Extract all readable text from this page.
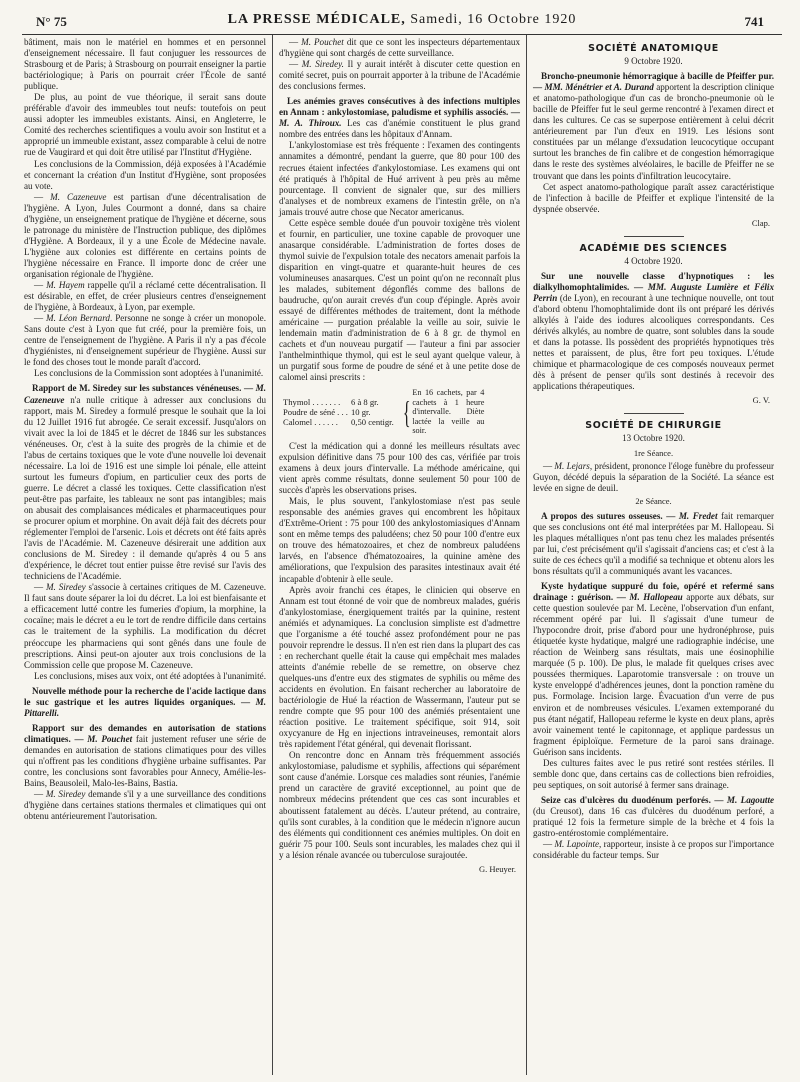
N° 75	LA PRESSE MÉDICALE, Samedi, 16 Octobre 1920	741

bâtiment, mais non le matériel en hommes et en personnel d'enseignement nécessaire. Il faut conjuguer les ressources de Strasbourg et de Paris; à Strasbourg on pourrait enseigner la partie bactériologique; à Paris on pourrait créer l'École de santé publique.

De plus, au point de vue théorique, il serait sans doute préférable d'avoir des immeubles tout neufs: toutefois on peut aussi adopter les immeubles existants. Ainsi, en Angleterre, le Comité des recherches scientifiques a voulu avoir son Institut et a approprié un immeuble existant, assez comparable à celui de notre rue de Vaugirard et qui doit être utilisé par l'Institut d'Hygiène.

Les conclusions de la Commission, déjà exposées à l'Académie et concernant la création d'un Institut d'Hygiène, sont proposées au vote.

— M. Cazeneuve est partisan d'une décentralisation de l'hygiène. A Lyon, Jules Courmont a donné, dans sa chaire d'hygiène, un enseignement pratique de l'hygiène et décerne, sous le patronage du ministère de l'Instruction publique, des diplômes d'Hygiène. A Bordeaux, il y a une École de Médecine navale. L'hygiène aux colonies est différente en certains points de l'hygiène nécessaire en France. Il importe donc de créer une organisation régionale de l'hygiène.

— M. Hayem rappelle qu'il a réclamé cette décentralisation. Il est désirable, en effet, de créer plusieurs centres d'enseignement de l'hygiène, à Bordeaux, à Lyon, par exemple.

— M. Léon Bernard. Personne ne songe à créer un monopole. Sans doute c'est à Lyon que fut créé, pour la première fois, un centre de l'enseignement de l'hygiène. A Paris il n'y a pas d'école d'hygiénistes, ni d'enseignement supérieur de l'hygiène. Aussi sur le fond des choses tout le monde paraît d'accord.

Les conclusions de la Commission sont adoptées à l'unanimité.

Rapport de M. Siredey sur les substances vénéneuses. — M. Cazeneuve n'a nulle critique à adresser aux conclusions du rapport, mais M. Siredey a formulé presque le souhait que la loi du 12 Juillet 1916 fut abrogée. Ce serait excessif. Jusqu'alors on vivait avec la loi de 1845 et le décret de 1846 sur les substances vénéneuses. Or, c'est à la suite des progrès de la chimie et de l'abus de certains toxiques que le vote d'une nouvelle loi devenait nécessaire. La loi de 1916 est une simple loi pénale, elle atteint surtout les fumeurs d'opium, en particulier ceux des ports de guerre. Le décret a classé les toxiques. Cette classification n'est peut-être pas parfaite, les tableaux ne sont pas intangibles; mais on abusait des complaisances médicales et pharmaceutiques pour se procurer opium et morphine. On avait déjà fait des décrets pour réglementer l'emploi de l'arsenic. Lois et décrets ont été faits après l'avis de l'Académie. M. Cazeneuve désirerait une addition aux conclusions de M. Siredey : il demande qu'après 4 ou 5 ans d'expérience, le décret tout entier puisse être revisé sur l'avis des techniciens de l'Académie.

— M. Siredey s'associe à certaines critiques de M. Cazeneuve. Il faut sans doute séparer la loi du décret. La loi est bienfaisante et a efficacement lutté contre les fumeries d'opium, la morphine, la cocaïne; mais le décret a eu le tort de rendre difficile dans certains cas le traitement de la syphilis. La modification du décret préoccupe les pharmaciens qui sont gênés dans une foule de prescriptions. Ainsi peut-on ajouter aux trois conclusions de la Commission celle que propose M. Cazeneuve.

Les conclusions, mises aux voix, ont été adoptées à l'unanimité.

Nouvelle méthode pour la recherche de l'acide lactique dans le suc gastrique et les autres liquides organiques. — M. Pittarelli.

Rapport sur des demandes en autorisation de stations climatiques. — M. Pouchet fait justement refuser une série de demandes en autorisation de stations climatiques pour des villes qui n'offrent pas les conditions d'hygiène urbaine suffisantes. Par contre, les conclusions sont favorables pour Annecy, Amélie-les-Bains, Beausoleil, Malo-les-Bains, Bastia.

— M. Siredey demande s'il y a une surveillance des conditions d'hygiène dans certaines stations thermales et climatiques qui ont obtenu antérieurement l'autorisation.

— M. Pouchet dit que ce sont les inspecteurs départementaux d'hygiène qui sont chargés de cette surveillance.

— M. Siredey. Il y aurait intérêt à discuter cette question en comité secret, puis on pourrait apporter à la tribune de l'Académie des conclusions fermes.

Les anémies graves consécutives à des infections multiples en Annam : ankylostomiase, paludisme et syphilis associés. — M. A. Thiroux. Les cas d'anémie constituent le plus grand nombre des entrées dans les hôpitaux d'Annam.

L'ankylostomiase est très fréquente : l'examen des contingents annamites a démontré, pendant la guerre, que 80 pour 100 des recrues étaient infectées d'ankylostomiase. Les examens qui ont été pratiqués à l'hôpital de Hué arrivent à peu près au même pourcentage. Il convient de signaler que, sur des milliers d'analyses et de nombreux examens de l'intestin grêle, on n'a jamais trouvé autre chose que Necator americanus.

Cette espèce semble douée d'un pouvoir toxigène très violent et fournir, en particulier, une toxine capable de provoquer une anasarque considérable. L'administration de fortes doses de thymol suivie de l'expulsion totale des necators amenait parfois la disparition en vingt-quatre et quarante-huit heures de ces volumineuses anasarques. C'est un point qu'on ne reconnaît plus les malades, subitement dégonflés comme des ballons de baudruche, qu'on aurait crevés d'un coup d'épingle. Après avoir essayé de différentes méthodes de traitement, dont la méthode américaine — purgation préalable la veille au soir, suivie le lendemain matin d'administration de 6 à 8 gr. de thymol en cachets et d'un nouveau purgatif — l'auteur a fini par associer l'anthelminthique thymol, qui est le seul ayant quelque valeur, à un purgatif sous forme de poudre de séné et à une petite dose de calomel ainsi prescrits :

Thymol . . . . . . .	6 à 8 gr.
Poudre de séné . . . 10 gr.
Calomel . . . . . .	0,50 centigr. {
En 16 cachets, par 4 cachets à 1 heure d'intervalle. Diète lactée la veille au soir.

C'est la médication qui a donné les meilleurs résultats avec expulsion définitive dans 75 pour 100 des cas, vérifiée par trois examens à deux jours d'intervalle. La méthode américaine, qui vient après comme résultats, donne seulement 50 pour 100 de succès d'après les observations prises.

Mais, le plus souvent, l'ankylostomiase n'est pas seule responsable des anémies graves qui encombrent les hôpitaux d'Extrême-Orient : 75 pour 100 des ankylostomiasiques d'Annam sont en même temps des paludéens; chez 50 pour 100 d'entre eux on trouve des hématozoaires, et chez de nombreux paludéens larvés, en l'absence d'hématozoaires, la quinine amène des améliorations, que l'expulsion des parasites intestinaux avait été incapable d'obtenir à elle seule.

Après avoir franchi ces étapes, le clinicien qui observe en Annam est tout étonné de voir que de nombreux malades, guéris d'ankylostomiase, énergiquement traités par la quinine, restent anémiés et adynamiques. La conclusion simpliste est d'admettre que l'organisme a été touché assez profondément pour ne pas pouvoir reprendre le dessus. Il n'en est rien dans la plupart des cas : en recherchant quelle était la cause qui empêchait mes malades atteints d'anémie rebelle de se remettre, on observe chez quelques-uns d'entre eux des stigmates de syphilis ou même des accidents en évolution. En faisant rechercher au laboratoire de bactériologie de Hué la réaction de Wassermann, l'auteur put se rendre compte que 95 pour 100 des anémiés présentaient une réaction positive. Le traitement spécifique, soit 914, soit oxycyanure de Hg en injections intraveineuses, remontait alors très rapidement l'état général, qui devenait florissant.

On rencontre donc en Annam très fréquemment associés ankylostomiase, paludisme et syphilis, affections qui séparément sont cause d'anémie. Lorsque ces maladies sont réunies, l'anémie prend un caractère de gravité exceptionnel, au point que de nombreux médecins prétendent que ces cas sont incurables et aboutissent fatalement au décès. L'auteur prétend, au contraire, qu'ils sont curables, à la condition que le médecin n'ignore aucun des éléments qui conditionnent ces anémies multiples. On doit en guérir 75 pour 100. Seuls sont incurables, les malades chez qui il y a lésion rénale avancée ou tuberculose surajoutée.

G. Heuyer.
SOCIÉTÉ ANATOMIQUE
9 Octobre 1920.

Broncho-pneumonie hémorragique à bacille de Pfeiffer pur. — MM. Ménétrier et A. Durand apportent la description clinique et anatomo-pathologique d'un cas de broncho-pneumonie où le bacille de Pfeiffer fut le seul germe rencontré à l'examen direct et dans les cultures. Ce cas se superpose entièrement à celui décrit antérieurement par l'un d'eux en 1919. Les lésions sont constituées par un mélange d'exsudation leucocytique occupant surtout les branches de fin calibre et de congestion hémorragique dans le reste des systèmes alvéolaires, le bacille de Pfeiffer ne se trouvant que dans les points d'infiltration leucocytaire.

Cet aspect anatomo-pathologique paraît assez caractéristique de l'infection à bacille de Pfeiffer et explique l'intensité de la dyspnée observée.

Clap.
ACADÉMIE DES SCIENCES
4 Octobre 1920.

Sur une nouvelle classe d'hypnotiques : les dialkylhomophtalimides. — MM. Auguste Lumière et Félix Perrin (de Lyon), en recourant à une technique nouvelle, ont tout d'abord obtenu l'homophtalimide dont ils ont préparé les dérivés alkylés à l'aide des iodures alcooliques correspondants. Ces dérivés alkylés, au nombre de quatre, sont solubles dans la soude et dans la potasse. Ils possèdent des propriétés hypnotiques très nettes et paraissent, de plus, être fort peu toxiques. L'étude chimique et pharmacologique de ces composés nouveaux permet dès à présent de penser qu'ils sont destinés à recevoir des applications thérapeutiques.

G. V.
SOCIÉTÉ DE CHIRURGIE
13 Octobre 1920.
1re Séance.

— M. Lejars, président, prononce l'éloge funèbre du professeur Guyon, décédé depuis la séparation de la Société. La séance est levée en signe de deuil.

2e Séance.

A propos des sutures osseuses. — M. Fredet fait remarquer que ses conclusions ont été mal interprétées par M. Hallopeau. Si les plaques métalliques n'ont pas tenu chez les malades présentés par lui, c'est précisément qu'il s'agissait d'anciens cas; et c'est à la suite de ces échecs qu'il a modifié sa technique et obtenu alors les bons résultats qu'il a communiqués avant les vacances.

Kyste hydatique suppuré du foie, opéré et refermé sans drainage : guérison. — M. Hallopeau apporte aux débats, sur cette question soulevée par M. Lecène, l'observation d'un enfant, récemment opéré par lui. Il s'agissait d'une tumeur de l'hypocondre droit, prise d'abord pour une hydronéphrose, puis étiquetée kyste hydatique, malgré une radiographie indécise, une réaction de Weinberg sans résultats, mais une éosinophilie marquée (5 p. 100). De plus, le malade fit quelques crises avec poussées thermiques. Laparotomie transversale : on trouve un kyste enveloppé d'adhérences jeunes, dont la ponction ramène du pus. Formolage. Incision large. Évacuation d'un verre de pus environ et de nombreuses vésicules. L'examen extemporané du pus étant négatif, Hallopeau referme le kyste en deux plans, après avoir vainement tenté le capitonnage, et applique pardessus un fragment épiploïque. Fermeture de la paroi sans drainage. Guérison sans incidents.

Des cultures faites avec le pus retiré sont restées stériles. Il semble donc que, dans certains cas de collections bien refroidies, peu septiques, on soit autorisé à fermer sans drainage.

Seize cas d'ulcères du duodénum perforés. — M. Lagoutte (du Creusot), dans 16 cas d'ulcères du duodénum perforé, a pratiqué 12 fois la fermeture simple de la brèche et 4 fois la gastro-entérostomie complémentaire.

— M. Lapointe, rapporteur, insiste à ce propos sur l'importance considérable du facteur temps. Sur
